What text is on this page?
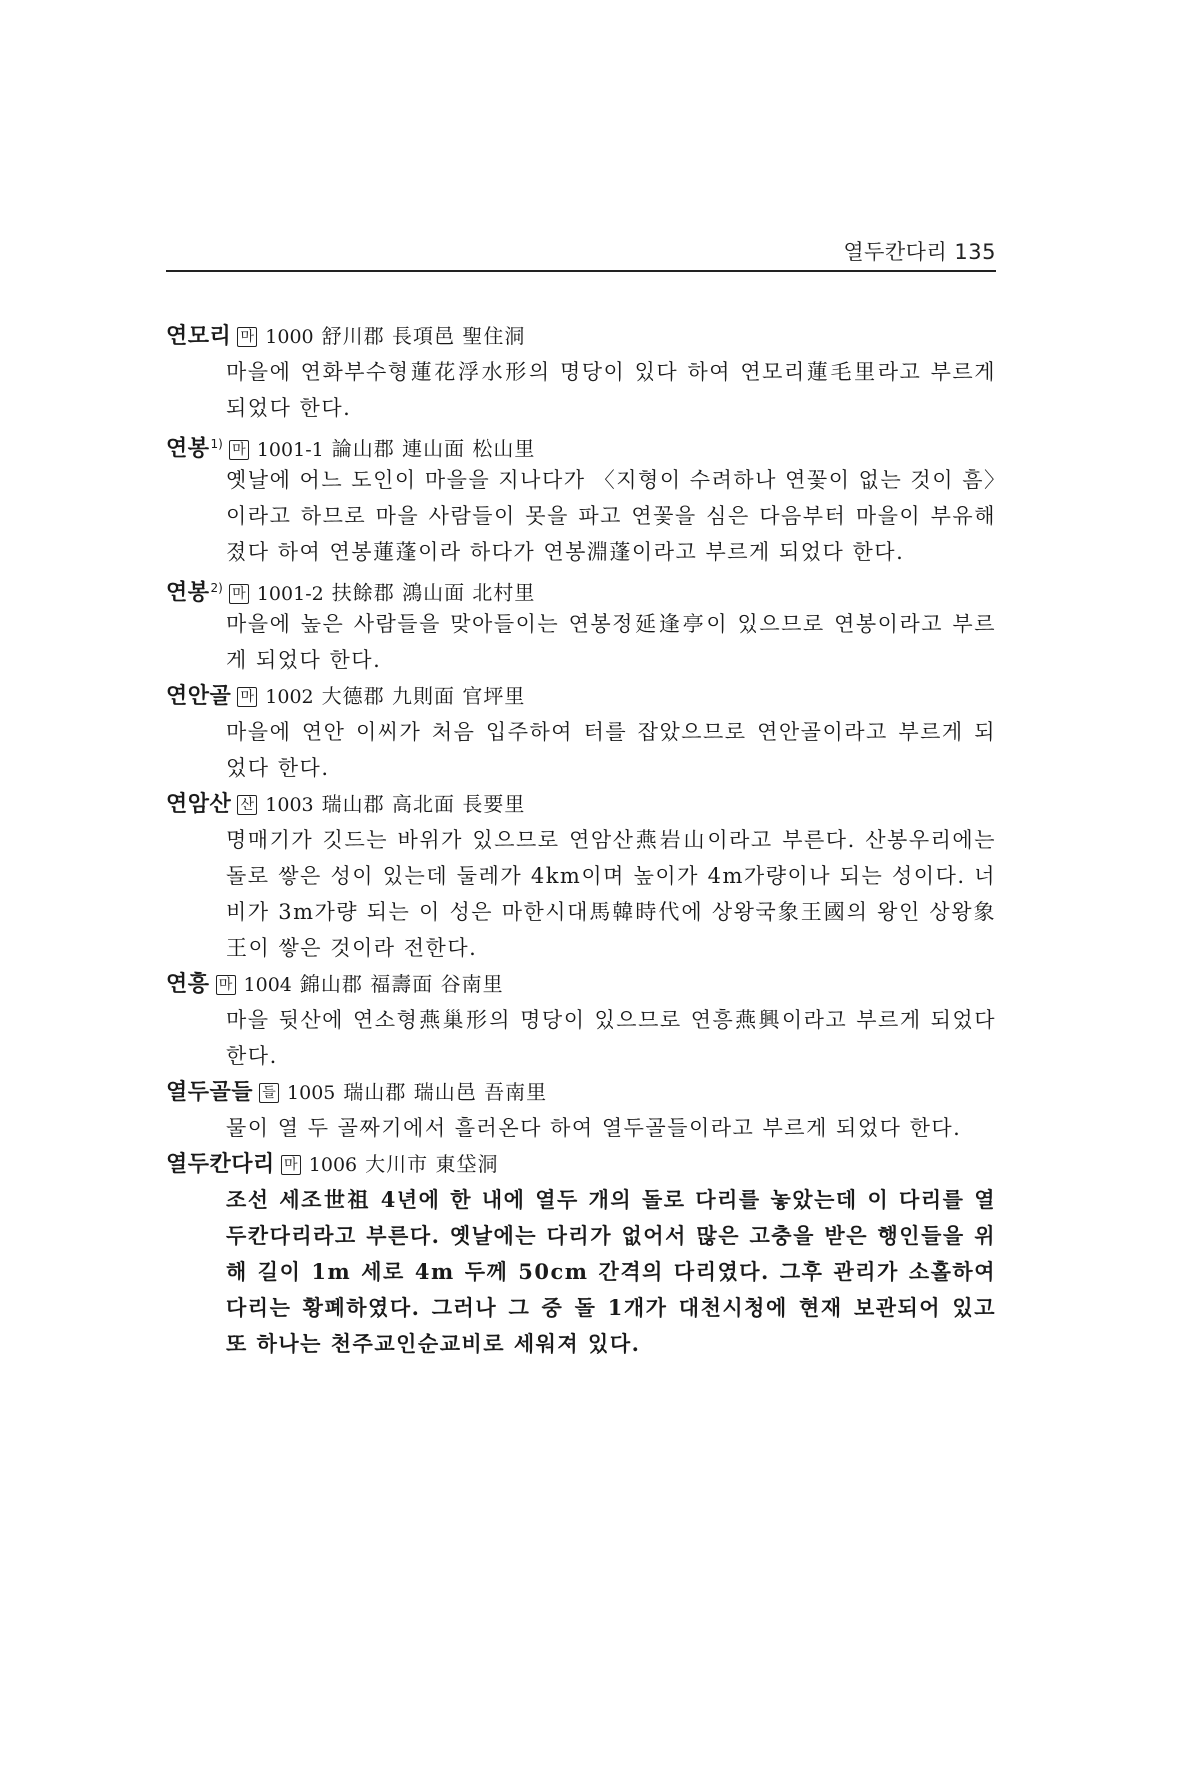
열두칸다리 135
연모리 마 1000 舒川郡 長項邑 聖住洞

마을에 연화부수형蓮花浮水形의 명당이 있다 하여 연모리蓮毛里라고 부르게 되었다 한다.

연봉$^{1)}$ 마 1001-1 論山郡 連山面 松山里

옛날에 어느 도인이 마을을 지나다가 〈지형이 수려하나 연꽃이 없는 것이 흠〉이라고 하므로 마을 사람들이 못을 파고 연꽃을 심은 다음부터 마을이 부유해졌다 하여 연봉蓮蓬이라 하다가 연봉淵蓬이라고 부르게 되었다 한다.

연봉$^{2)}$ 마 1001-2 扶餘郡 鴻山面 北村里

마을에 높은 사람들을 맞아들이는 연봉정延逢亭이 있으므로 연봉이라고 부르게 되었다 한다.

연안골 마 1002 大德郡 九則面 官坪里

마을에 연안 이씨가 처음 입주하여 터를 잡았으므로 연안골이라고 부르게 되었다 한다.

연암산 산 1003 瑞山郡 高北面 長要里

명매기가 깃드는 바위가 있으므로 연암산燕岩山이라고 부른다. 산봉우리에는 돌로 쌓은 성이 있는데 둘레가 4km이며 높이가 4m가량이나 되는 성이다. 너비가 3m가량 되는 이 성은 마한시대馬韓時代에 상왕국象王國의 왕인 상왕象王이 쌓은 것이라 전한다.

연흥 마 1004 錦山郡 福壽面 谷南里

마을 뒷산에 연소형燕巢形의 명당이 있으므로 연흥燕興이라고 부르게 되었다 한다.

열두골들 들 1005 瑞山郡 瑞山邑 吾南里

물이 열 두 골짜기에서 흘러온다 하여 열두골들이라고 부르게 되었다 한다.

열두칸다리 마 1006 大川市 東垈洞

조선 세조世祖 4년에 한 내에 열두 개의 돌로 다리를 놓았는데 이 다리를 열두칸다리라고 부른다. 옛날에는 다리가 없어서 많은 고충을 받은 행인들을 위해 길이 1m 세로 4m 두께 50cm 간격의 다리였다. 그후 관리가 소홀하여 다리는 황폐하였다. 그러나 그 중 돌 1개가 대천시청에 현재 보관되어 있고 또 하나는 천주교인순교비로 세워져 있다.
